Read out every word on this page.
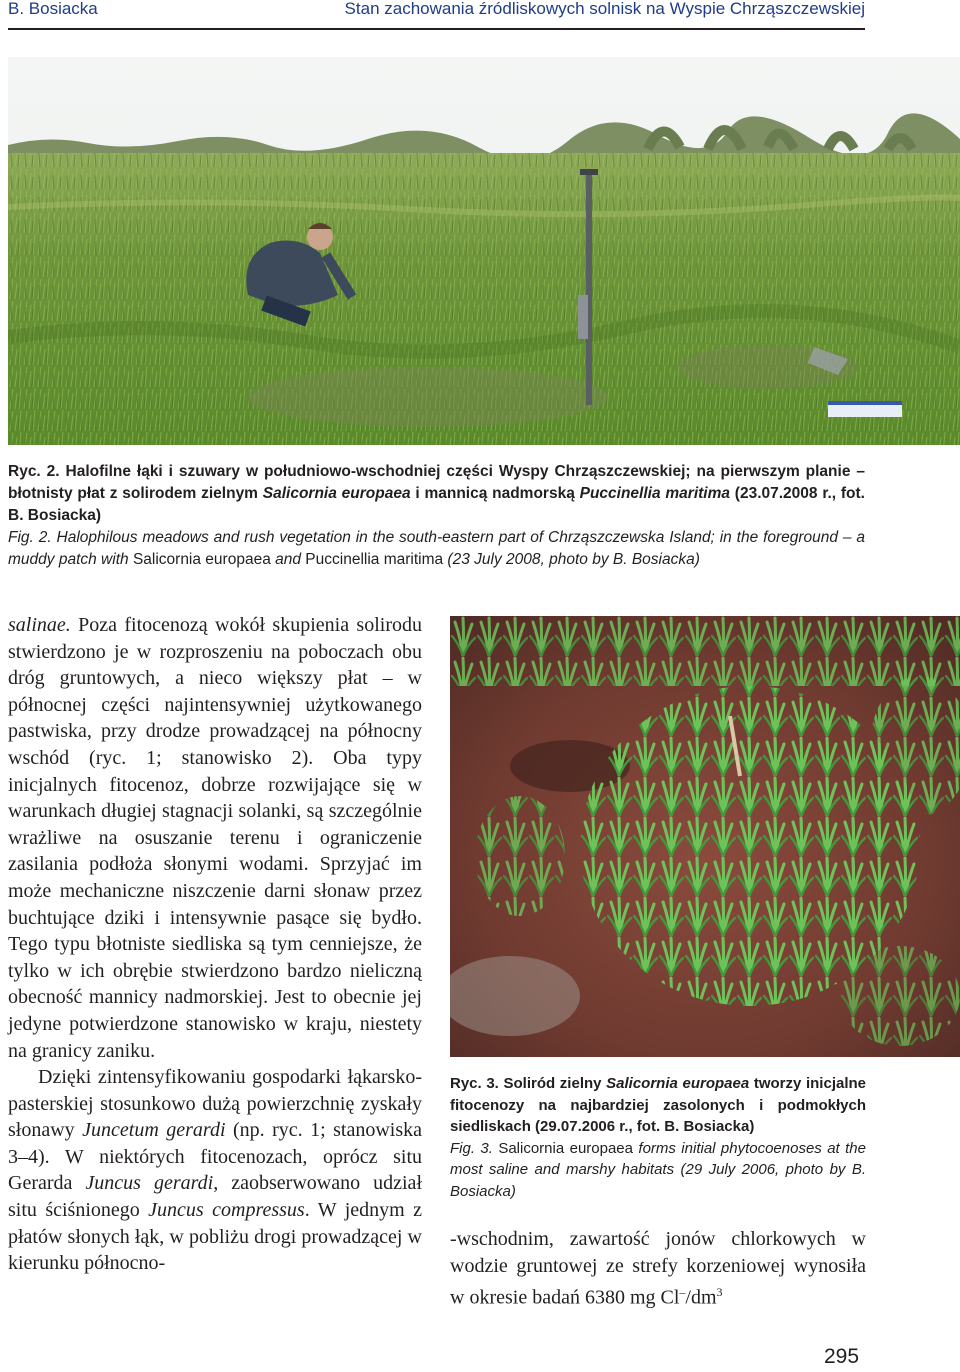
B. Bosiacka	Stan zachowania źródliskowych solnisk na Wyspie Chrząszczewskiej
Ryc. 2. Halofilne łąki i szuwary w południowo-wschodniej części Wyspy Chrząszczewskiej; na pierwszym planie – błotnisty płat z solirodem zielnym Salicornia europaea i mannicą nadmorską Puccinellia maritima (23.07.2008 r., fot. B. Bosiacka)
Fig. 2. Halophilous meadows and rush vegetation in the south-eastern part of Chrząszczewska Island; in the foreground – a muddy patch with Salicornia europaea and Puccinellia maritima (23 July 2008, photo by B. Bosiacka)

salinae. Poza fitocenozą wokół skupienia solirodu stwierdzono je w rozproszeniu na poboczach obu dróg gruntowych, a nieco większy płat – w północnej części najintensywniej użytkowanego pastwiska, przy drodze prowadzącej na północny wschód (ryc. 1; stanowisko 2). Oba typy inicjalnych fitocenoz, dobrze rozwijające się w warunkach długiej stagnacji solanki, są szczególnie wrażliwe na osuszanie terenu i ograniczenie zasilania podłoża słonymi wodami. Sprzyjać im może mechaniczne niszczenie darni słonaw przez buchtujące dziki i intensywnie pasące się bydło. Tego typu błotniste siedliska są tym cenniejsze, że tylko w ich obrębie stwierdzono bardzo nieliczną obecność mannicy nadmorskiej. Jest to obecnie jej jedyne potwierdzone stanowisko w kraju, niestety na granicy zaniku.

Dzięki zintensyfikowaniu gospodarki łąkarsko-pasterskiej stosunkowo dużą powierzchnię zyskały słonawy Juncetum gerardi (np. ryc. 1; stanowiska 3–4). W niektórych fitocenozach, oprócz situ Gerarda Juncus gerardi, zaobserwowano udział situ ściśnionego Juncus compressus. W jednym z płatów słonych łąk, w pobliżu drogi prowadzącej w kierunku północno-

Ryc. 3. Soliród zielny Salicornia europaea tworzy inicjalne fitocenozy na najbardziej zasolonych i podmokłych siedliskach (29.07.2006 r., fot. B. Bosiacka)
Fig. 3. Salicornia europaea forms initial phytocoenoses at the most saline and marshy habitats (29 July 2006, photo by B. Bosiacka)

-wschodnim, zawartość jonów chlorkowych w wodzie gruntowej ze strefy korzeniowej wynosiła w okresie badań 6380 mg $Cl^-/dm^3$

295
